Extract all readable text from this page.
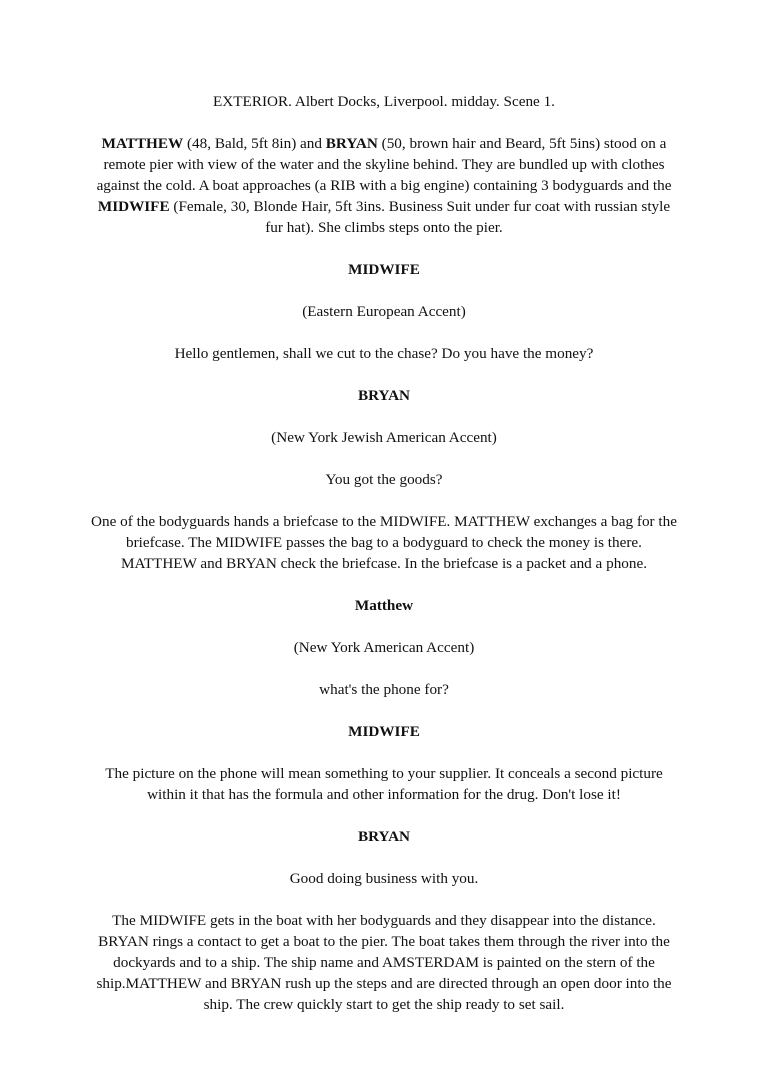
EXTERIOR. Albert Docks, Liverpool. midday. Scene 1.

MATTHEW (48, Bald, 5ft 8in) and BRYAN (50, brown hair and Beard, 5ft 5ins) stood on a remote pier with view of the water and the skyline behind. They are bundled up with clothes against the cold. A boat approaches (a RIB with a big engine) containing 3 bodyguards and the MIDWIFE (Female, 30, Blonde Hair, 5ft 3ins. Business Suit under fur coat with russian style fur hat). She climbs steps onto the pier.

MIDWIFE

(Eastern European Accent)

Hello gentlemen, shall we cut to the chase? Do you have the money?

BRYAN

(New York Jewish American Accent)

You got the goods?

One of the bodyguards hands a briefcase to the MIDWIFE. MATTHEW exchanges a bag for the briefcase. The MIDWIFE passes the bag to a bodyguard to check the money is there. MATTHEW and BRYAN check the briefcase. In the briefcase is a packet and a phone.

Matthew

(New York American Accent)

what's the phone for?

MIDWIFE

The picture on the phone will mean something to your supplier. It conceals a second picture within it that has the formula and other information for the drug. Don't lose it!

BRYAN

Good doing business with you.

The MIDWIFE gets in the boat with her bodyguards and they disappear into the distance. BRYAN rings a contact to get a boat to the pier. The boat takes them through the river into the dockyards and to a ship. The ship name and AMSTERDAM is painted on the stern of the ship.MATTHEW and BRYAN rush up the steps and are directed through an open door into the ship. The crew quickly start to get the ship ready to set sail.
